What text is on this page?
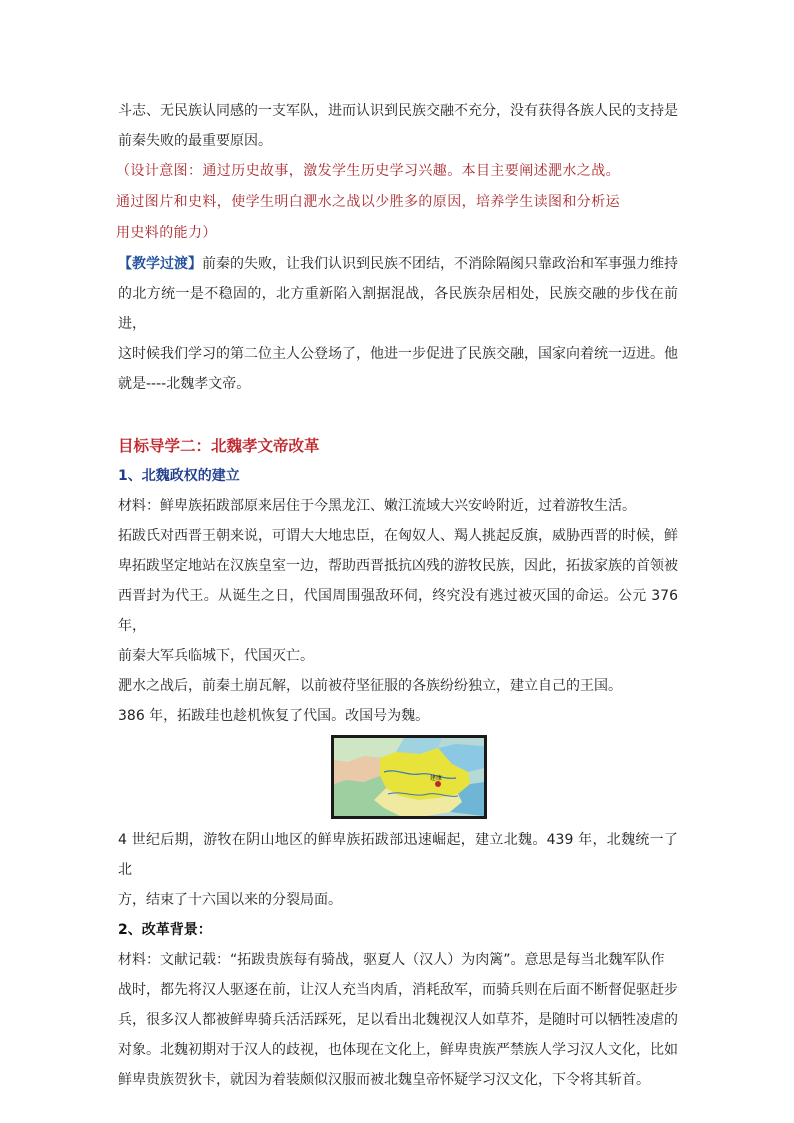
斗志、无民族认同感的一支军队，进而认识到民族交融不充分，没有获得各族人民的支持是

前秦失败的最重要原因。

（设计意图：通过历史故事，激发学生历史学习兴趣。本目主要阐述淝水之战。

通过图片和史料，使学生明白淝水之战以少胜多的原因，培养学生读图和分析运

用史料的能力）

【教学过渡】前秦的失败，让我们认识到民族不团结，不消除隔阂只靠政治和军事强力维持

的北方统一是不稳固的，北方重新陷入割据混战，各民族杂居相处，民族交融的步伐在前进，

这时候我们学习的第二位主人公登场了，他进一步促进了民族交融，国家向着统一迈进。他

就是----北魏孝文帝。

目标导学二：北魏孝文帝改革

1、北魏政权的建立

材料：鲜卑族拓跋部原来居住于今黑龙江、嫩江流域大兴安岭附近，过着游牧生活。

拓跋氏对西晋王朝来说，可谓大大地忠臣，在匈奴人、羯人挑起反旗，威胁西晋的时候，鲜

卑拓跋坚定地站在汉族皇室一边，帮助西晋抵抗凶残的游牧民族，因此，拓拔家族的首领被

西晋封为代王。从诞生之日，代国周围强敌环伺，终究没有逃过被灭国的命运。公元 376 年，

前秦大军兵临城下，代国灭亡。

淝水之战后，前秦土崩瓦解，以前被苻坚征服的各族纷纷独立，建立自己的王国。

386 年，拓跋珪也趁机恢复了代国。改国号为魏。

建康

4 世纪后期，游牧在阴山地区的鲜卑族拓跋部迅速崛起，建立北魏。439 年，北魏统一了北

方，结束了十六国以来的分裂局面。

2、改革背景：

材料：文献记载：“拓跋贵族每有骑战，驱夏人（汉人）为肉篱”。意思是每当北魏军队作

战时，都先将汉人驱逐在前，让汉人充当肉盾，消耗敌军，而骑兵则在后面不断督促驱赶步

兵，很多汉人都被鲜卑骑兵活活踩死，足以看出北魏视汉人如草芥，是随时可以牺牲凌虐的

对象。北魏初期对于汉人的歧视，也体现在文化上，鲜卑贵族严禁族人学习汉人文化，比如

鲜卑贵族贺狄卡，就因为着装颇似汉服而被北魏皇帝怀疑学习汉文化，下令将其斩首。
